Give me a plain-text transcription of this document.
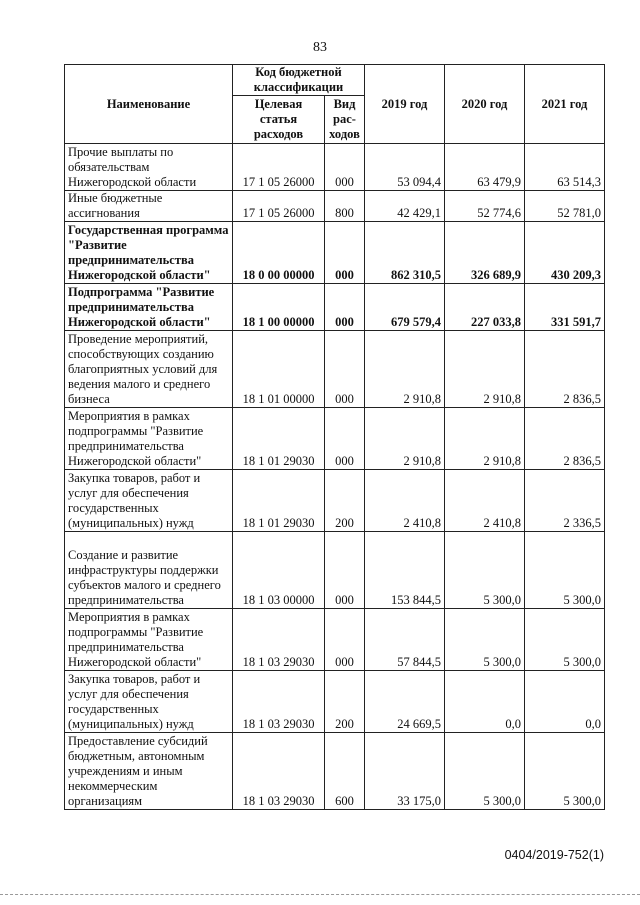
83
Наименование	Код бюджетной классификации		2019 год	2020 год	2021 год
	Целевая статья расходов	Вид рас-ходов			
Прочие выплаты по обязательствам Нижегородской области	17 1 05 26000	000	53 094,4	63 479,9	63 514,3
Иные бюджетные ассигнования	17 1 05 26000	800	42 429,1	52 774,6	52 781,0
Государственная программа "Развитие предпринимательства Нижегородской области"	18 0 00 00000	000	862 310,5	326 689,9	430 209,3
Подпрограмма "Развитие предпринимательства Нижегородской области"	18 1 00 00000	000	679 579,4	227 033,8	331 591,7
Проведение мероприятий, способствующих созданию благоприятных условий для ведения малого и среднего бизнеса	18 1 01 00000	000	2 910,8	2 910,8	2 836,5
Мероприятия в рамках подпрограммы "Развитие предпринимательства Нижегородской области"	18 1 01 29030	000	2 910,8	2 910,8	2 836,5
Закупка товаров, работ и услуг для обеспечения государственных (муниципальных) нужд	18 1 01 29030	200	2 410,8	2 410,8	2 336,5
Создание и развитие инфраструктуры поддержки субъектов малого и среднего предпринимательства	18 1 03 00000	000	153 844,5	5 300,0	5 300,0
Мероприятия в рамках подпрограммы "Развитие предпринимательства Нижегородской области"	18 1 03 29030	000	57 844,5	5 300,0	5 300,0
Закупка товаров, работ и услуг для обеспечения государственных (муниципальных) нужд	18 1 03 29030	200	24 669,5	0,0	0,0
Предоставление субсидий бюджетным, автономным учреждениям и иным некоммерческим организациям	18 1 03 29030	600	33 175,0	5 300,0	5 300,0
0404/2019-752(1)
